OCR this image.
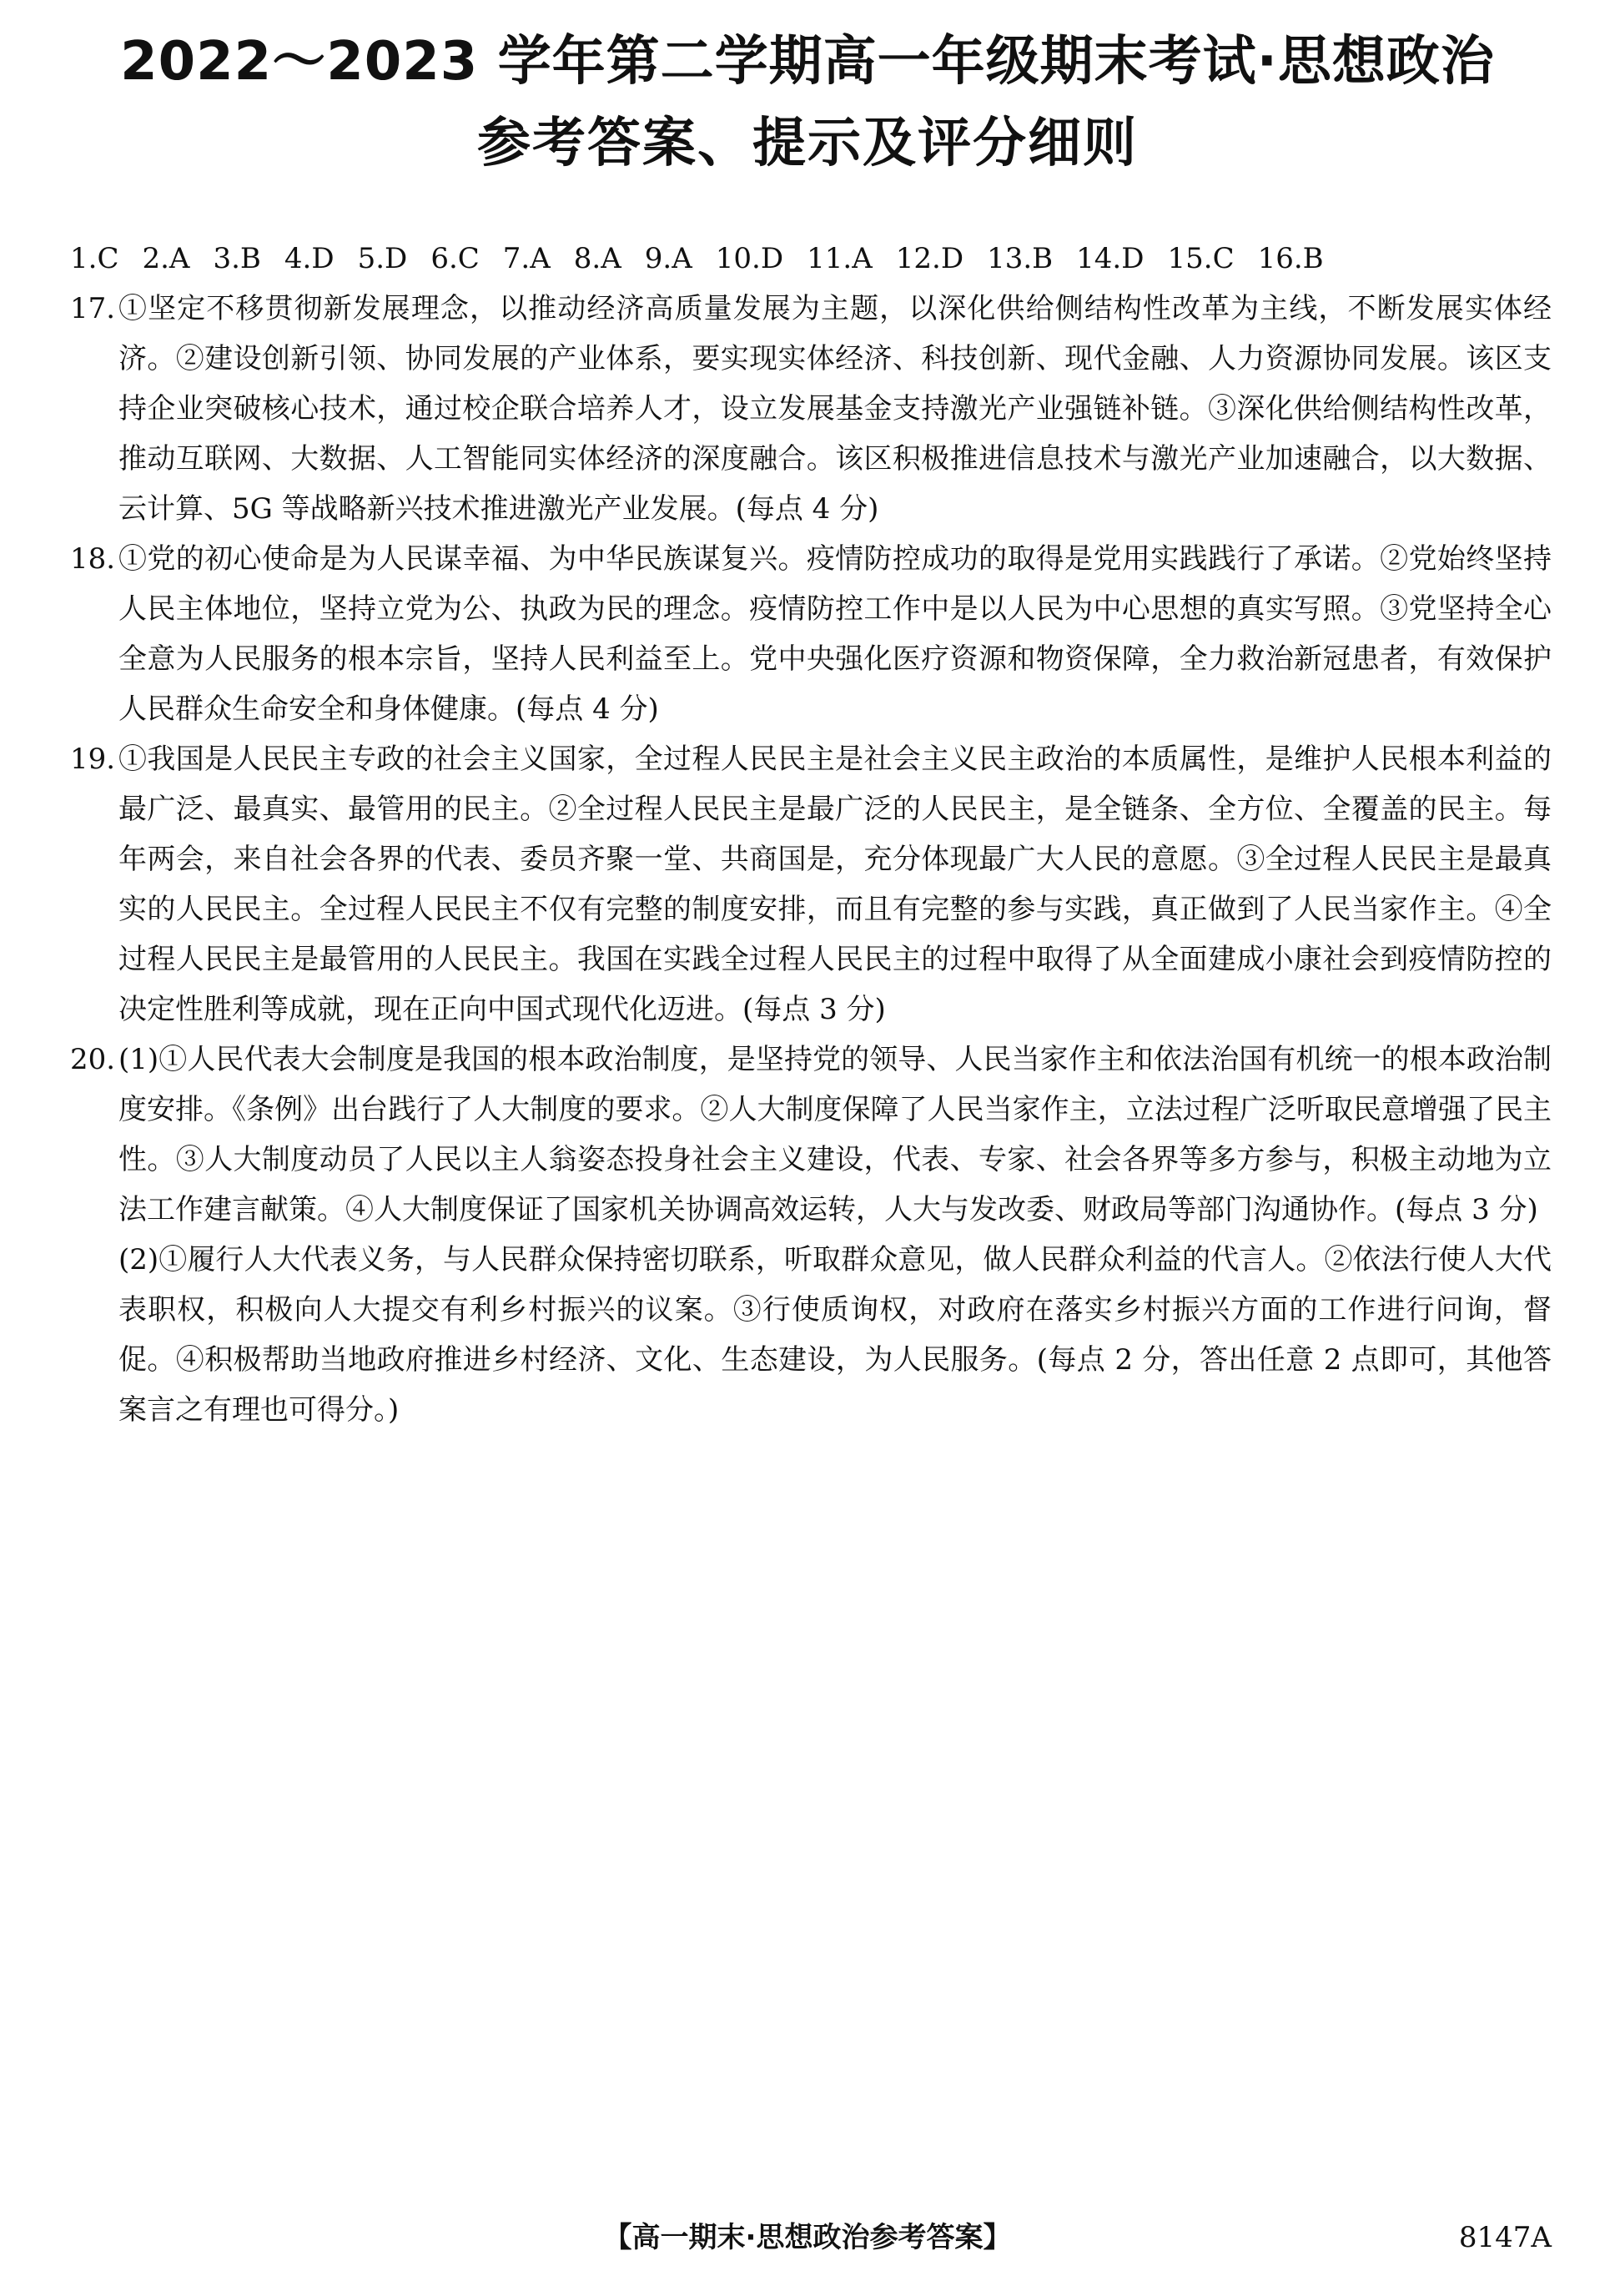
2022～2023 学年第二学期高一年级期末考试·思想政治
参考答案、提示及评分细则
1.C 2.A 3.B 4.D 5.D 6.C 7.A 8.A 9.A 10.D 11.A 12.D 13.B 14.D 15.C 16.B
17. ①坚定不移贯彻新发展理念，以推动经济高质量发展为主题，以深化供给侧结构性改革为主线，不断发展实体经济。②建设创新引领、协同发展的产业体系，要实现实体经济、科技创新、现代金融、人力资源协同发展。该区支持企业突破核心技术，通过校企联合培养人才，设立发展基金支持激光产业强链补链。③深化供给侧结构性改革，推动互联网、大数据、人工智能同实体经济的深度融合。该区积极推进信息技术与激光产业加速融合，以大数据、云计算、5G 等战略新兴技术推进激光产业发展。(每点 4 分)
18. ①党的初心使命是为人民谋幸福、为中华民族谋复兴。疫情防控成功的取得是党用实践践行了承诺。②党始终坚持人民主体地位，坚持立党为公、执政为民的理念。疫情防控工作中是以人民为中心思想的真实写照。③党坚持全心全意为人民服务的根本宗旨，坚持人民利益至上。党中央强化医疗资源和物资保障，全力救治新冠患者，有效保护人民群众生命安全和身体健康。(每点 4 分)
19. ①我国是人民民主专政的社会主义国家，全过程人民民主是社会主义民主政治的本质属性，是维护人民根本利益的最广泛、最真实、最管用的民主。②全过程人民民主是最广泛的人民民主，是全链条、全方位、全覆盖的民主。每年两会，来自社会各界的代表、委员齐聚一堂、共商国是，充分体现最广大人民的意愿。③全过程人民民主是最真实的人民民主。全过程人民民主不仅有完整的制度安排，而且有完整的参与实践，真正做到了人民当家作主。④全过程人民民主是最管用的人民民主。我国在实践全过程人民民主的过程中取得了从全面建成小康社会到疫情防控的决定性胜利等成就，现在正向中国式现代化迈进。(每点 3 分)
20. (1)①人民代表大会制度是我国的根本政治制度，是坚持党的领导、人民当家作主和依法治国有机统一的根本政治制度安排。《条例》出台践行了人大制度的要求。②人大制度保障了人民当家作主，立法过程广泛听取民意增强了民主性。③人大制度动员了人民以主人翁姿态投身社会主义建设，代表、专家、社会各界等多方参与，积极主动地为立法工作建言献策。④人大制度保证了国家机关协调高效运转，人大与发改委、财政局等部门沟通协作。(每点 3 分)
(2)①履行人大代表义务，与人民群众保持密切联系，听取群众意见，做人民群众利益的代言人。②依法行使人大代表职权，积极向人大提交有利乡村振兴的议案。③行使质询权，对政府在落实乡村振兴方面的工作进行问询，督促。④积极帮助当地政府推进乡村经济、文化、生态建设，为人民服务。(每点 2 分，答出任意 2 点即可，其他答案言之有理也可得分。)
【高一期末·思想政治参考答案】	8147A
